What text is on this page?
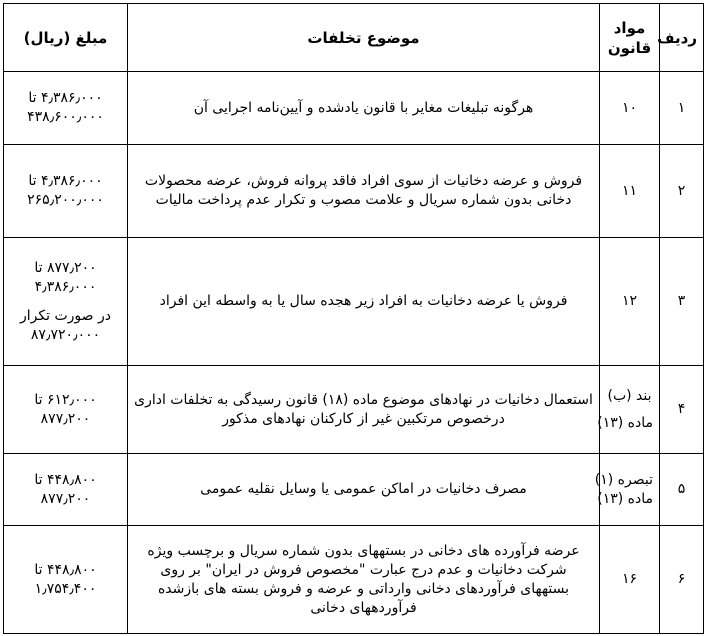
ردیف	مواد قانون	موضوع تخلفات	مبلغ (ریال)
۱	۱۰	هرگونه تبلیغات مغایر با قانون یادشده و آیین‌نامه اجرایی آن	۴٫۳۸۶٫۰۰۰ تا
۴۳۸٫۶۰۰٫۰۰۰

۲	۱۱	فروش و عرضه دخانیات از سوی افراد فاقد پروانه فروش، عرضه محصولات دخانی بدون شماره سریال و علامت مصوب و تکرار عدم پرداخت مالیات	۴٫۳۸۶٫۰۰۰ تا
۲۶۵٫۲۰۰٫۰۰۰

۳	۱۲	فروش یا عرضه دخانیات به افراد زیر هجده سال یا به واسطه این افراد	۸۷۷٫۲۰۰ تا
۴٫۳۸۶٫۰۰۰
در صورت تکرار
۸۷٫۷۲۰٫۰۰۰

۴	بند (ب)
ماده (۱۳)	استعمال دخانیات در نهادهای موضوع ماده (۱۸) قانون رسیدگی به تخلفات اداری درخصوص مرتکبین غیر از کارکنان نهادهای مذکور	۶۱۲٫۰۰۰ تا
۸۷۷٫۲۰۰

۵	تبصره (۱)
ماده (۱۳)	مصرف دخانیات در اماکن عمومی یا وسایل نقلیه عمومی	۴۴۸٫۸۰۰ تا
۸۷۷٫۲۰۰

۶	۱۶	عرضه فرآورده های دخانی در بستههای بدون شماره سریال و برچسب ویژه شرکت دخانیات و عدم درج عبارت "مخصوص فروش در ایران" بر روی بستههای فرآوردهای دخانی وارداتی و عرضه و فروش بسته های بازشده فرآوردههای دخانی	۴۴۸٫۸۰۰ تا
۱٫۷۵۴٫۴۰۰
